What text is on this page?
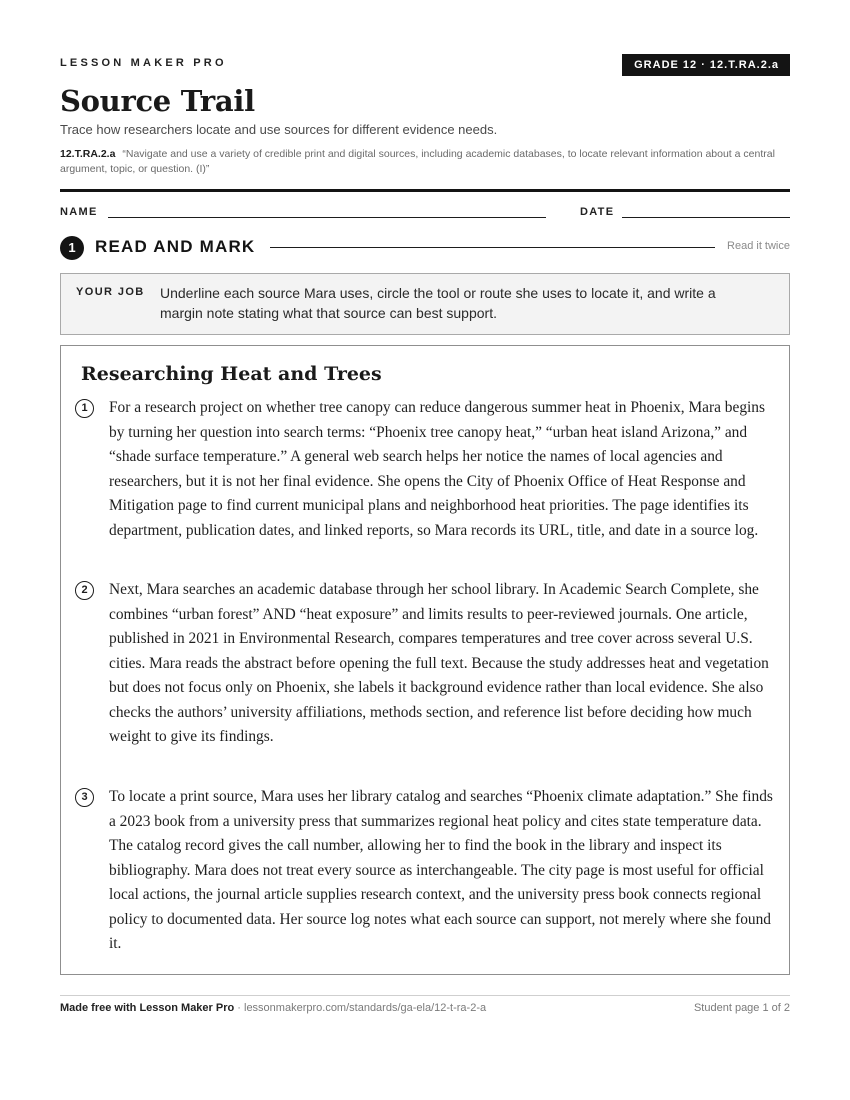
LESSON MAKER PRO	GRADE 12 · 12.T.RA.2.a
Source Trail
Trace how researchers locate and use sources for different evidence needs.
12.T.RA.2.a “Navigate and use a variety of credible print and digital sources, including academic databases, to locate relevant information about a central argument, topic, or question. (I)”
NAME	DATE
1	READ AND MARK	Read it twice
YOUR JOB Underline each source Mara uses, circle the tool or route she uses to locate it, and write a margin note stating what that source can best support.
Researching Heat and Trees
1	For a research project on whether tree canopy can reduce dangerous summer heat in Phoenix, Mara begins by turning her question into search terms: “Phoenix tree canopy heat,” “urban heat island Arizona,” and “shade surface temperature.” A general web search helps her notice the names of local agencies and researchers, but it is not her final evidence. She opens the City of Phoenix Office of Heat Response and Mitigation page to find current municipal plans and neighborhood heat priorities. The page identifies its department, publication dates, and linked reports, so Mara records its URL, title, and date in a source log.

2	Next, Mara searches an academic database through her school library. In Academic Search Complete, she combines “urban forest” AND “heat exposure” and limits results to peer-reviewed journals. One article, published in 2021 in Environmental Research, compares temperatures and tree cover across several U.S. cities. Mara reads the abstract before opening the full text. Because the study addresses heat and vegetation but does not focus only on Phoenix, she labels it background evidence rather than local evidence. She also checks the authors’ university affiliations, methods section, and reference list before deciding how much weight to give its findings.

3	To locate a print source, Mara uses her library catalog and searches “Phoenix climate adaptation.” She finds a 2023 book from a university press that summarizes regional heat policy and cites state temperature data. The catalog record gives the call number, allowing her to find the book in the library and inspect its bibliography. Mara does not treat every source as interchangeable. The city page is most useful for official local actions, the journal article supplies research context, and the university press book connects regional policy to documented data. Her source log notes what each source can support, not merely where she found it.

Made free with Lesson Maker Pro · lessonmakerpro.com/standards/ga-ela/12-t-ra-2-a	Student page 1 of 2
